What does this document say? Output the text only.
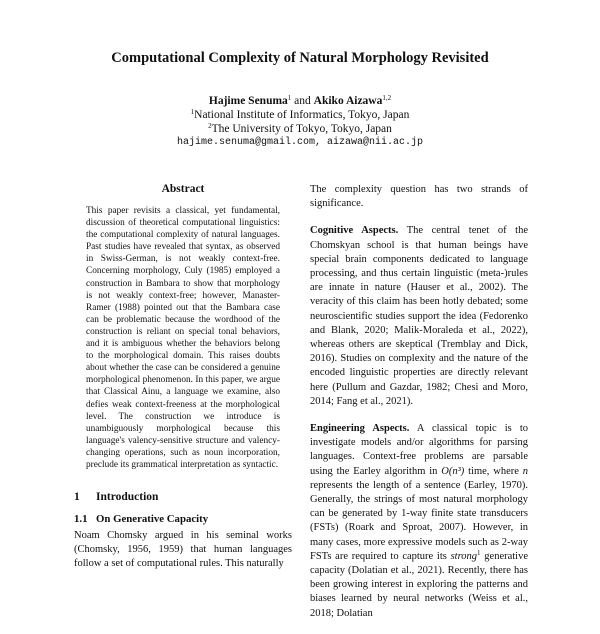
Computational Complexity of Natural Morphology Revisited
Hajime Senuma$^1$ and Akiko Aizawa$^{1,2}$
$^1$National Institute of Informatics, Tokyo, Japan
$^2$The University of Tokyo, Tokyo, Japan
hajime.senuma@gmail.com, aizawa@nii.ac.jp
Abstract
This paper revisits a classical, yet fundamental, discussion of theoretical computational linguistics: the computational complexity of natural languages. Past studies have revealed that syntax, as observed in Swiss-German, is not weakly context-free. Concerning morphology, Culy (1985) employed a construction in Bambara to show that morphology is not weakly context-free; however, Manaster-Ramer (1988) pointed out that the Bambara case can be problematic because the wordhood of the construction is reliant on special tonal behaviors, and it is ambiguous whether the behaviors belong to the morphological domain. This raises doubts about whether the case can be considered a genuine morphological phenomenon. In this paper, we argue that Classical Ainu, a language we examine, also defies weak context-freeness at the morphological level. The construction we introduce is unambiguously morphological because this language's valency-sensitive structure and valency-changing operations, such as noun incorporation, preclude its grammatical interpretation as syntactic.
1 Introduction
1.1 On Generative Capacity
Noam Chomsky argued in his seminal works (Chomsky, 1956, 1959) that human languages follow a set of computational rules. This naturally

The complexity question has two strands of significance.

Cognitive Aspects. The central tenet of the Chomskyan school is that human beings have special brain components dedicated to language processing, and thus certain linguistic (meta-)rules are innate in nature (Hauser et al., 2002). The veracity of this claim has been hotly debated; some neuroscientific studies support the idea (Fedorenko and Blank, 2020; Malik-Moraleda et al., 2022), whereas others are skeptical (Tremblay and Dick, 2016). Studies on complexity and the nature of the encoded linguistic properties are directly relevant here (Pullum and Gazdar, 1982; Chesi and Moro, 2014; Fang et al., 2021).

Engineering Aspects. A classical topic is to investigate models and/or algorithms for parsing languages. Context-free problems are parsable using the Earley algorithm in O(n³) time, where n represents the length of a sentence (Earley, 1970). Generally, the strings of most natural morphology can be generated by 1-way finite state transducers (FSTs) (Roark and Sproat, 2007). However, in many cases, more expressive models such as 2-way FSTs are required to capture its strong$^1$ generative capacity (Dolatian et al., 2021). Recently, there has been growing interest in exploring the patterns and biases learned by neural networks (Weiss et al., 2018; Dolatian
